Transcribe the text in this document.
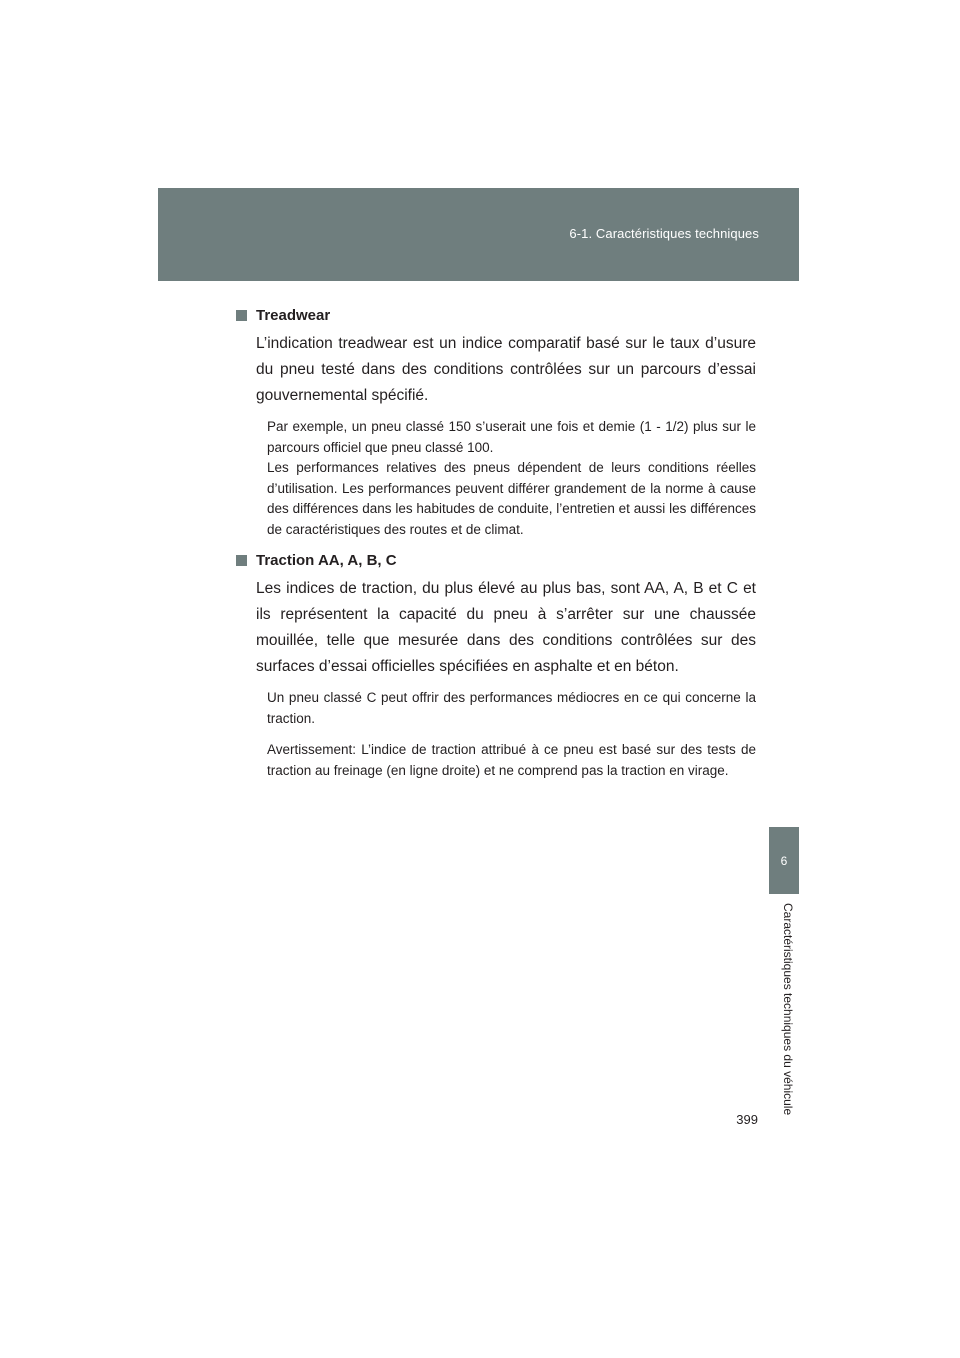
6-1. Caractéristiques techniques
6
Caractéristiques techniques du véhicule
Treadwear

L’indication treadwear est un indice comparatif basé sur le taux d’usure du pneu testé dans des conditions contrôlées sur un parcours d’essai gouvernemental spécifié.

Par exemple, un pneu classé 150 s’userait une fois et demie (1 - 1/2) plus sur le parcours officiel que pneu classé 100.

Les performances relatives des pneus dépendent de leurs conditions réelles d’utilisation. Les performances peuvent différer grandement de la norme à cause des différences dans les habitudes de conduite, l’entretien et aussi les différences de caractéristiques des routes et de climat.

Traction AA, A, B, C

Les indices de traction, du plus élevé au plus bas, sont AA, A, B et C et ils représentent la capacité du pneu à s’arrêter sur une chaussée mouillée, telle que mesurée dans des conditions contrôlées sur des surfaces d’essai officielles spécifiées en asphalte et en béton.

Un pneu classé C peut offrir des performances médiocres en ce qui concerne la traction.

Avertissement: L’indice de traction attribué à ce pneu est basé sur des tests de traction au freinage (en ligne droite) et ne comprend pas la traction en virage.

399
